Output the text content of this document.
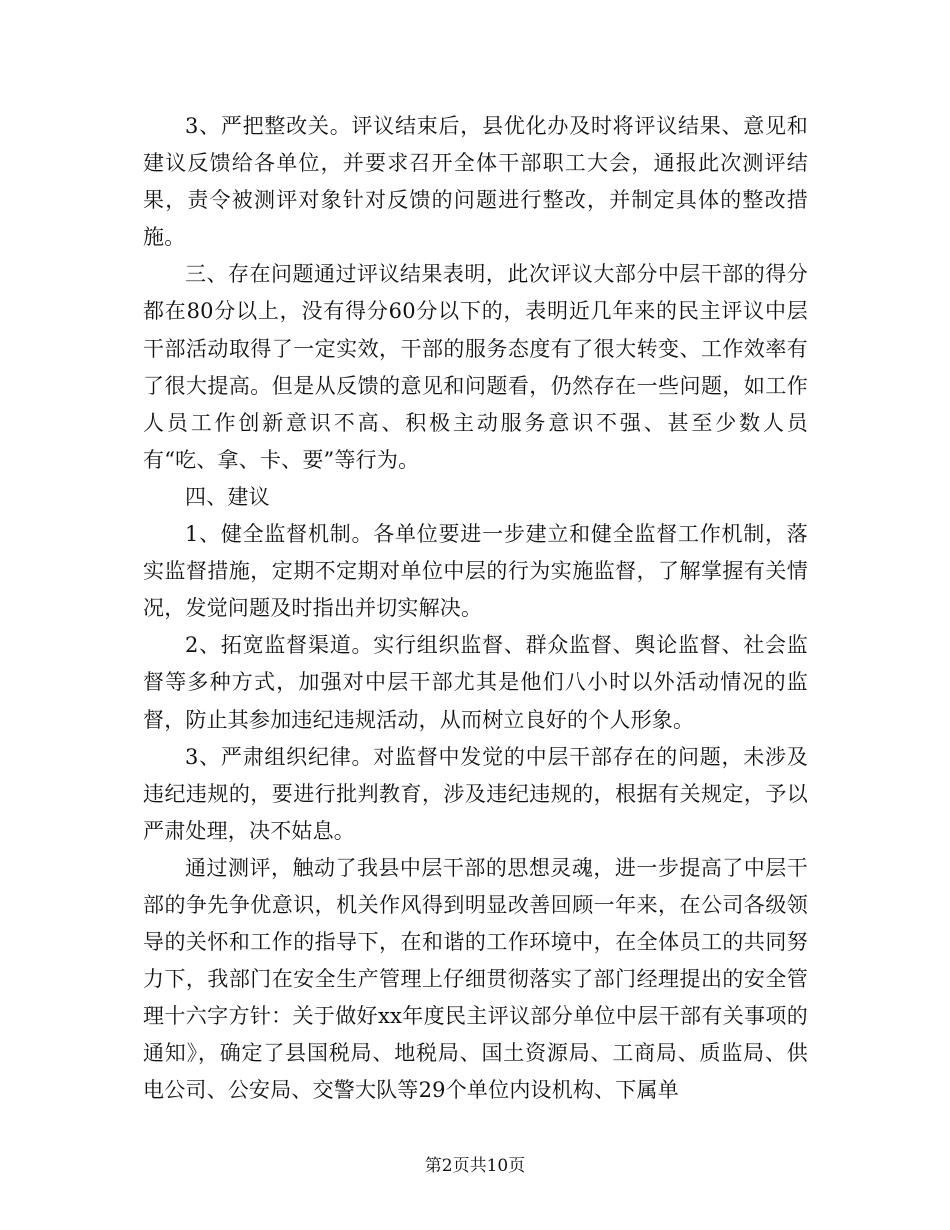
3、严把整改关。评议结束后，县优化办及时将评议结果、意见和建议反馈给各单位，并要求召开全体干部职工大会，通报此次测评结果，责令被测评对象针对反馈的问题进行整改，并制定具体的整改措施。

三、存在问题通过评议结果表明，此次评议大部分中层干部的得分都在80分以上，没有得分60分以下的，表明近几年来的民主评议中层干部活动取得了一定实效，干部的服务态度有了很大转变、工作效率有了很大提高。但是从反馈的意见和问题看，仍然存在一些问题，如工作人员工作创新意识不高、积极主动服务意识不强、甚至少数人员有“吃、拿、卡、要”等行为。

四、建议

1、健全监督机制。各单位要进一步建立和健全监督工作机制，落实监督措施，定期不定期对单位中层的行为实施监督，了解掌握有关情况，发觉问题及时指出并切实解决。

2、拓宽监督渠道。实行组织监督、群众监督、舆论监督、社会监督等多种方式，加强对中层干部尤其是他们八小时以外活动情况的监督，防止其参加违纪违规活动，从而树立良好的个人形象。

3、严肃组织纪律。对监督中发觉的中层干部存在的问题，未涉及违纪违规的，要进行批判教育，涉及违纪违规的，根据有关规定，予以严肃处理，决不姑息。

通过测评，触动了我县中层干部的思想灵魂，进一步提高了中层干部的争先争优意识，机关作风得到明显改善回顾一年来，在公司各级领导的关怀和工作的指导下，在和谐的工作环境中，在全体员工的共同努力下，我部门在安全生产管理上仔细贯彻落实了部门经理提出的安全管理十六字方针：关于做好xx年度民主评议部分单位中层干部有关事项的通知》，确定了县国税局、地税局、国土资源局、工商局、质监局、供电公司、公安局、交警大队等29个单位内设机构、下属单

第2页共10页
